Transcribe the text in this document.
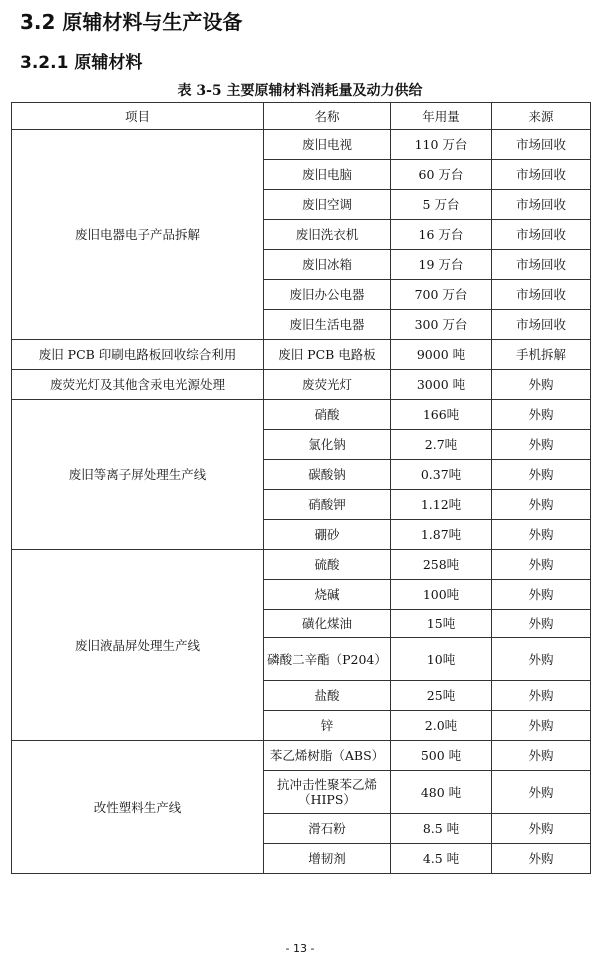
3.2 原辅材料与生产设备
3.2.1 原辅材料
表 3-5 主要原辅材料消耗量及动力供给
项目	名称	年用量	来源
废旧电器电子产品拆解	废旧电视	110 万台	市场回收
	废旧电脑	60 万台	市场回收
	废旧空调	5 万台	市场回收
	废旧洗衣机	16 万台	市场回收
	废旧冰箱	19 万台	市场回收
	废旧办公电器	700 万台	市场回收
	废旧生活电器	300 万台	市场回收
废旧 PCB 印刷电路板回收综合利用	废旧 PCB 电路板	9000 吨	手机拆解
废荧光灯及其他含汞电光源处理	废荧光灯	3000 吨	外购
废旧等离子屏处理生产线	硝酸	166吨	外购
	氯化钠	2.7吨	外购
	碳酸钠	0.37吨	外购
	硝酸钾	1.12吨	外购
	硼砂	1.87吨	外购
废旧液晶屏处理生产线	硫酸	258吨	外购
	烧碱	100吨	外购
	磺化煤油	15吨	外购
	磷酸二辛酯（P204）	10吨	外购
	盐酸	25吨	外购
	锌	2.0吨	外购
改性塑料生产线	苯乙烯树脂（ABS）	500 吨	外购
	抗冲击性聚苯乙烯（HIPS）	480 吨	外购
	滑石粉	8.5 吨	外购
	增韧剂	4.5 吨	外购
- 13 -
